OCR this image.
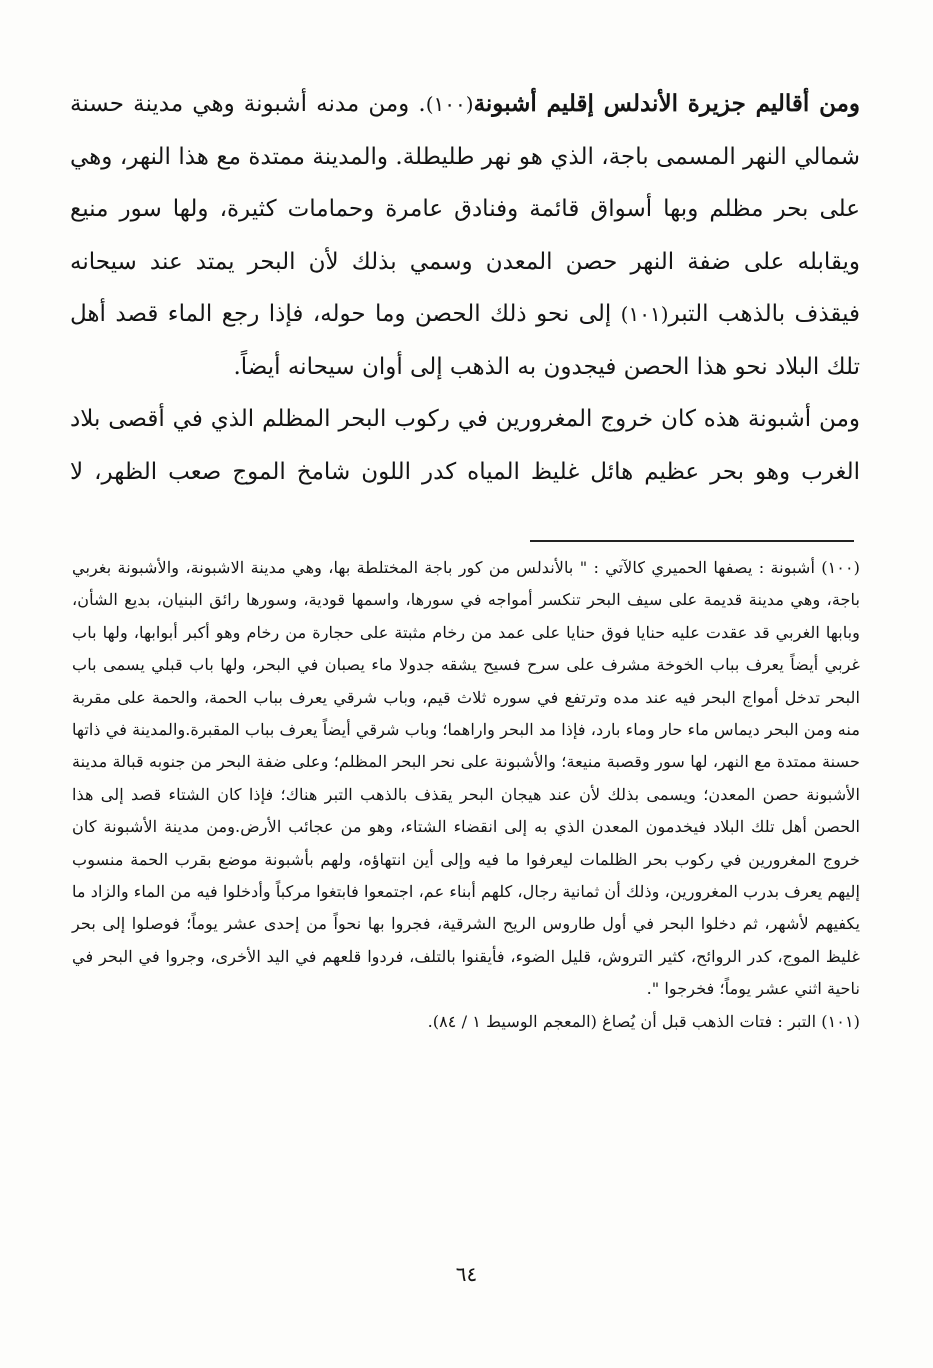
ومن أقاليم جزيرة الأندلس إقليم أشبونة(١٠٠). ومن مدنه أشبونة وهي مدينة حسنة شمالي النهر المسمى باجة، الذي هو نهر طليطلة. والمدينة ممتدة مع هذا النهر، وهي على بحر مظلم وبها أسواق قائمة وفنادق عامرة وحمامات كثيرة، ولها سور منيع ويقابله على ضفة النهر حصن المعدن وسمي بذلك لأن البحر يمتد عند سيحانه فيقذف بالذهب التبر(١٠١) إلى نحو ذلك الحصن وما حوله، فإذا رجع الماء قصد أهل تلك البلاد نحو هذا الحصن فيجدون به الذهب إلى أوان سيحانه أيضاً.

ومن أشبونة هذه كان خروج المغرورين في ركوب البحر المظلم الذي في أقصى بلاد الغرب وهو بحر عظيم هائل غليظ المياه كدر اللون شامخ الموج صعب الظهر، لا

(١٠٠) أشبونة : يصفها الحميري كالآتي : " بالأندلس من كور باجة المختلطة بها، وهي مدينة الاشبونة، والأشبونة بغربي باجة، وهي مدينة قديمة على سيف البحر تنكسر أمواجه في سورها، واسمها قودية، وسورها رائق البنيان، بديع الشأن، وبابها الغربي قد عقدت عليه حنايا فوق حنايا على عمد من رخام مثبتة على حجارة من رخام وهو أكبر أبوابها، ولها باب غربي أيضاً يعرف بباب الخوخة مشرف على سرح فسيح يشقه جدولا ماء يصبان في البحر، ولها باب قبلي يسمى باب البحر تدخل أمواج البحر فيه عند مده وترتفع في سوره ثلاث قيم، وباب شرقي يعرف بباب الحمة، والحمة على مقربة منه ومن البحر ديماس ماء حار وماء بارد، فإذا مد البحر واراهما؛ وباب شرقي أيضاً يعرف بباب المقبرة.والمدينة في ذاتها حسنة ممتدة مع النهر، لها سور وقصبة منيعة؛ والأشبونة على نحر البحر المظلم؛ وعلى ضفة البحر من جنوبه قبالة مدينة الأشبونة حصن المعدن؛ ويسمى بذلك لأن عند هيجان البحر يقذف بالذهب التبر هناك؛ فإذا كان الشتاء قصد إلى هذا الحصن أهل تلك البلاد فيخدمون المعدن الذي به إلى انقضاء الشتاء، وهو من عجائب الأرض.ومن مدينة الأشبونة كان خروج المغرورين في ركوب بحر الظلمات ليعرفوا ما فيه وإلى أين انتهاؤه، ولهم بأشبونة موضع بقرب الحمة منسوب إليهم يعرف بدرب المغرورين، وذلك أن ثمانية رجال، كلهم أبناء عم، اجتمعوا فابتغوا مركباً وأدخلوا فيه من الماء والزاد ما يكفيهم لأشهر، ثم دخلوا البحر في أول طاروس الريح الشرقية، فجروا بها نحواً من إحدى عشر يوماً؛ فوصلوا إلى بحر غليظ الموج، كدر الروائح، كثير التروش، قليل الضوء، فأيقنوا بالتلف، فردوا قلعهم في اليد الأخرى، وجروا في البحر في ناحية اثني عشر يوماً؛ فخرجوا ".

(١٠١) التبر : فتات الذهب قبل أن يُصاغ (المعجم الوسيط ١ / ٨٤).

٦٤
